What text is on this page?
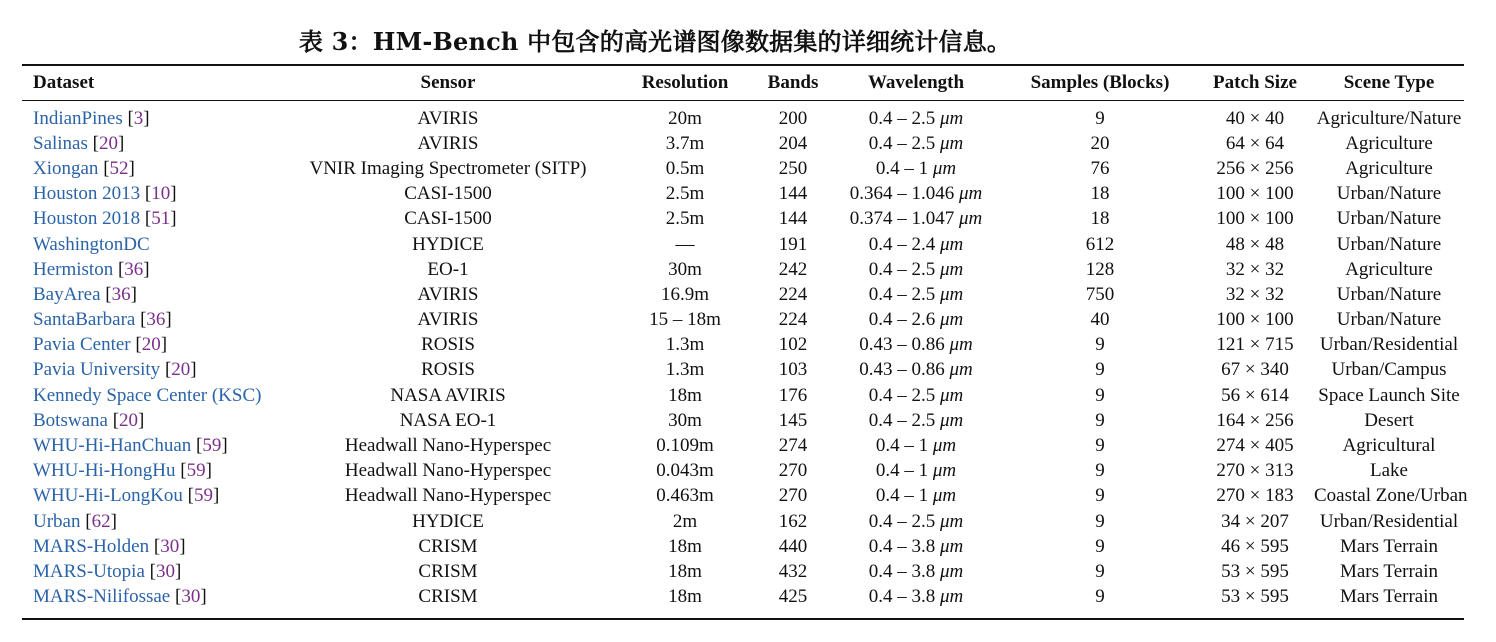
表 3：HM-Bench 中包含的高光谱图像数据集的详细统计信息。
Dataset	Sensor	Resolution	Bands	Wavelength	Samples (Blocks)	Patch Size	Scene Type
IndianPines [3]	AVIRIS	20m	200	0.4 – 2.5 μm	9	40 × 40	Agriculture/Nature
Salinas [20]	AVIRIS	3.7m	204	0.4 – 2.5 μm	20	64 × 64	Agriculture
Xiongan [52]	VNIR Imaging Spectrometer (SITP)	0.5m	250	0.4 – 1 μm	76	256 × 256	Agriculture
Houston 2013 [10]	CASI-1500	2.5m	144	0.364 – 1.046 μm	18	100 × 100	Urban/Nature
Houston 2018 [51]	CASI-1500	2.5m	144	0.374 – 1.047 μm	18	100 × 100	Urban/Nature
WashingtonDC	HYDICE	—	191	0.4 – 2.4 μm	612	48 × 48	Urban/Nature
Hermiston [36]	EO-1	30m	242	0.4 – 2.5 μm	128	32 × 32	Agriculture
BayArea [36]	AVIRIS	16.9m	224	0.4 – 2.5 μm	750	32 × 32	Urban/Nature
SantaBarbara [36]	AVIRIS	15 – 18m	224	0.4 – 2.6 μm	40	100 × 100	Urban/Nature
Pavia Center [20]	ROSIS	1.3m	102	0.43 – 0.86 μm	9	121 × 715	Urban/Residential
Pavia University [20]	ROSIS	1.3m	103	0.43 – 0.86 μm	9	67 × 340	Urban/Campus
Kennedy Space Center (KSC)	NASA AVIRIS	18m	176	0.4 – 2.5 μm	9	56 × 614	Space Launch Site
Botswana [20]	NASA EO-1	30m	145	0.4 – 2.5 μm	9	164 × 256	Desert
WHU-Hi-HanChuan [59]	Headwall Nano-Hyperspec	0.109m	274	0.4 – 1 μm	9	274 × 405	Agricultural
WHU-Hi-HongHu [59]	Headwall Nano-Hyperspec	0.043m	270	0.4 – 1 μm	9	270 × 313	Lake
WHU-Hi-LongKou [59]	Headwall Nano-Hyperspec	0.463m	270	0.4 – 1 μm	9	270 × 183	Coastal Zone/Urban
Urban [62]	HYDICE	2m	162	0.4 – 2.5 μm	9	34 × 207	Urban/Residential
MARS-Holden [30]	CRISM	18m	440	0.4 – 3.8 μm	9	46 × 595	Mars Terrain
MARS-Utopia [30]	CRISM	18m	432	0.4 – 3.8 μm	9	53 × 595	Mars Terrain
MARS-Nilifossae [30]	CRISM	18m	425	0.4 – 3.8 μm	9	53 × 595	Mars Terrain
